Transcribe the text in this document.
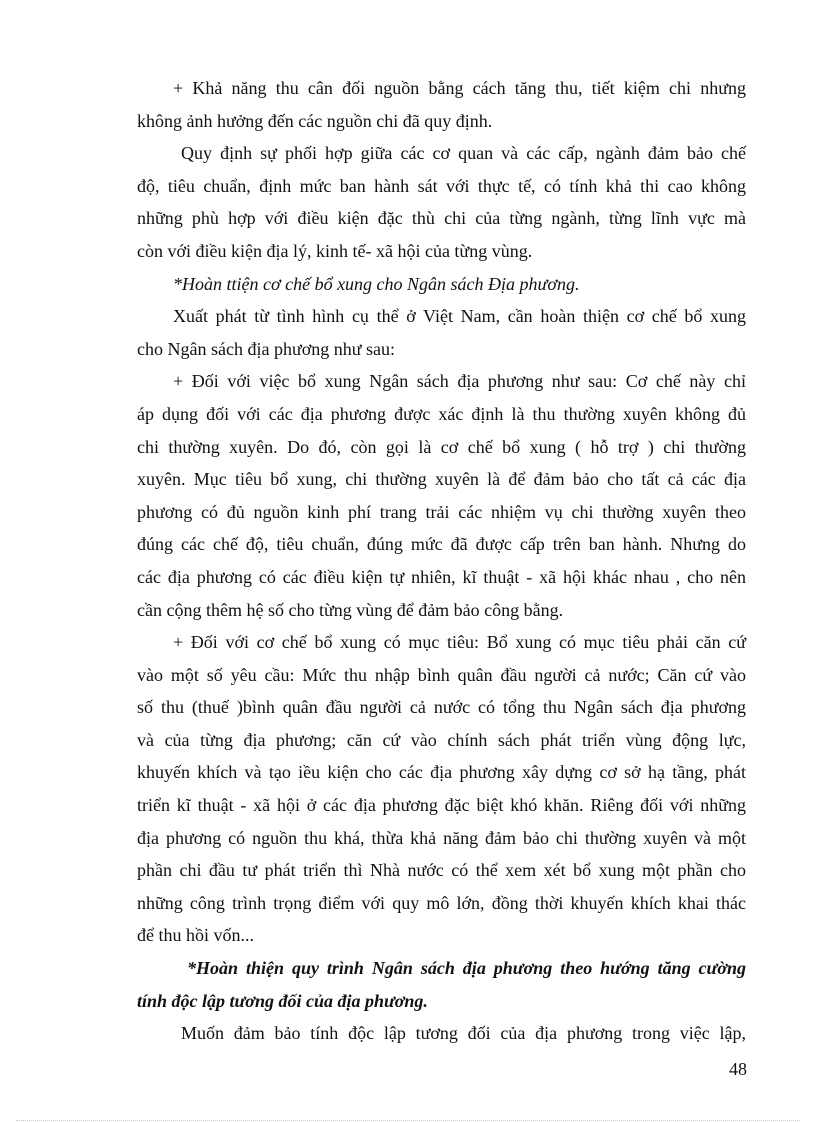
+ Khả năng thu cân đối nguồn bằng cách tăng thu, tiết kiệm chi nhưng
không ảnh hưởng đến các nguồn chi đã quy định.
Quy định sự phối hợp giữa các cơ quan và các cấp, ngành đảm bảo chế
độ, tiêu chuẩn, định mức ban hành sát với thực tế, có tính khả thi cao không
những phù hợp với điều kiện đặc thù chi của từng ngành, từng lĩnh vực mà
còn với điều kiện địa lý, kinh tế- xã hội của từng vùng.
*Hoàn ttiện cơ chế bổ xung cho Ngân sách Địa phương.
Xuất phát từ tình hình cụ thể ở Việt Nam, cần hoàn thiện cơ chế bổ xung
cho Ngân sách địa phương như sau:
+ Đối với việc bổ xung Ngân sách địa phương như sau: Cơ chế này chỉ
áp dụng đối với các địa phương được xác định là thu thường xuyên không đủ
chi thường xuyên. Do đó, còn gọi là cơ chế bổ xung ( hỗ trợ ) chi thường
xuyên. Mục tiêu bổ xung, chi thường xuyên là để đảm bảo cho tất cả các địa
phương có đủ nguồn kinh phí trang trải các nhiệm vụ chi thường xuyên theo
đúng các chế độ, tiêu chuẩn, đúng mức đã được cấp trên ban hành. Nhưng do
các địa phương có các điều kiện tự nhiên, kĩ thuật - xã hội khác nhau , cho nên
cần cộng thêm hệ số cho từng vùng để đảm bảo công bằng.
+ Đối với cơ chế bổ xung có mục tiêu: Bổ xung có mục tiêu phải căn cứ
vào một số yêu cầu: Mức thu nhập bình quân đầu người cả nước; Căn cứ vào
số thu (thuế )bình quân đầu người cả nước có tổng thu Ngân sách địa phương
và của từng địa phương; căn cứ vào chính sách phát triển vùng động lực,
khuyến khích và tạo iều kiện cho các địa phương xây dựng cơ sở hạ tầng, phát
triển kĩ thuật - xã hội ở các địa phương đặc biệt khó khăn. Riêng đối với những
địa phương có nguồn thu khá, thừa khả năng đảm bảo chi thường xuyên và một
phần chi đầu tư phát triển thì Nhà nước có thể xem xét bổ xung một phần cho
những công trình trọng điểm với quy mô lớn, đồng thời khuyến khích khai thác
để thu hồi vốn...
*Hoàn thiện quy trình Ngân sách địa phương theo hướng tăng cường
tính độc lập tương đối của địa phương.
Muốn đảm bảo tính độc lập tương đối của địa phương trong việc lập,
48
